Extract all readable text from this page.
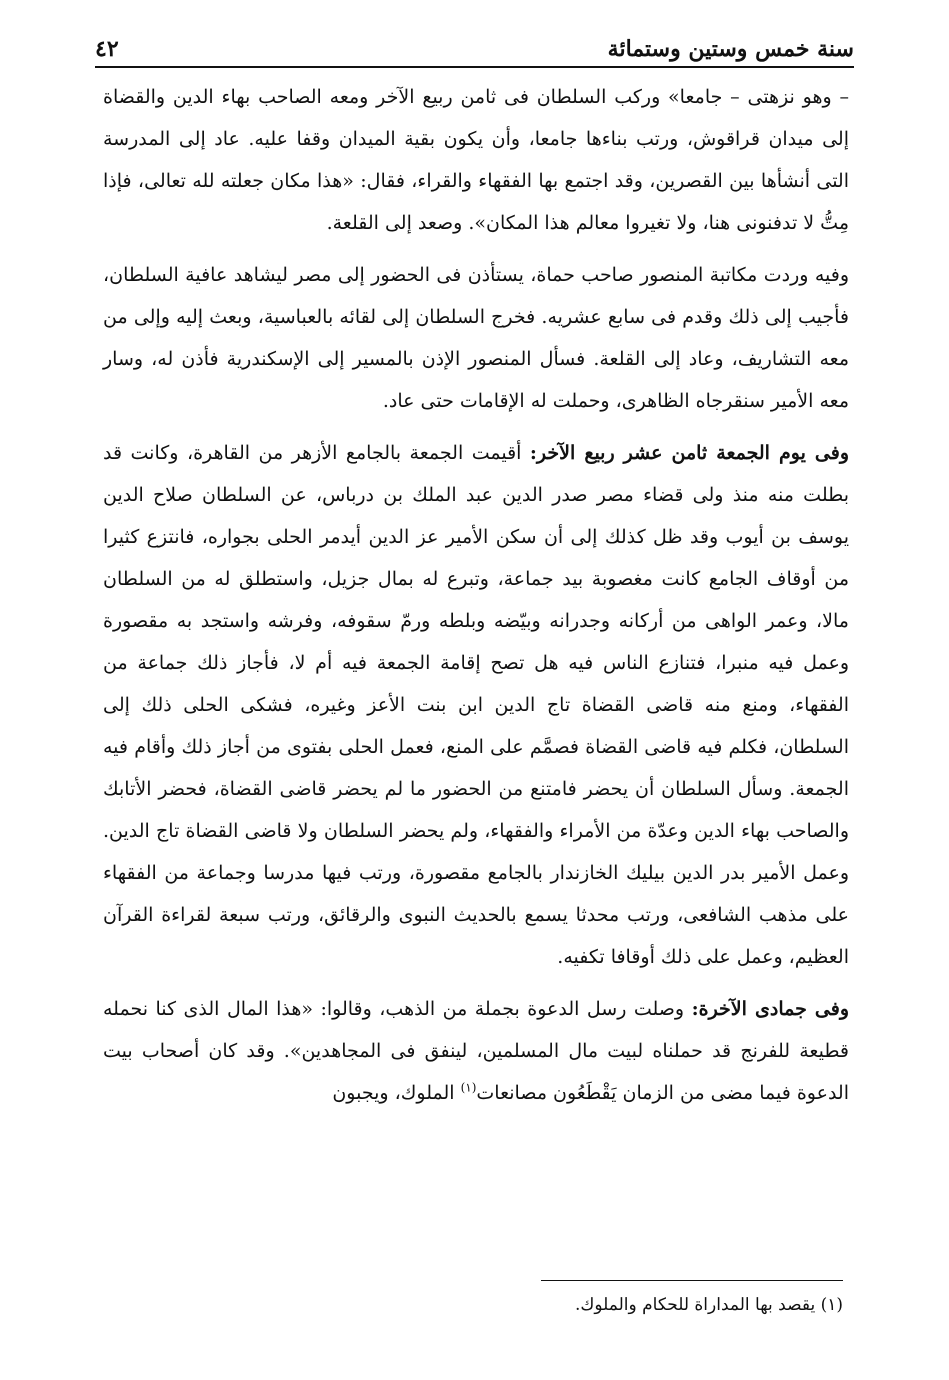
سنة خمس وستين وستمائة
٤٢

– وهو نزهتى – جامعا» وركب السلطان فى ثامن ربيع الآخر ومعه الصاحب بهاء الدين والقضاة إلى ميدان قراقوش، ورتب بناءها جامعا، وأن يكون بقية الميدان وقفا عليه. عاد إلى المدرسة التى أنشأها بين القصرين، وقد اجتمع بها الفقهاء والقراء، فقال: «هذا مكان جعلته لله تعالى، فإذا مِتُّ لا تدفنونى هنا، ولا تغيروا معالم هذا المكان». وصعد إلى القلعة.

وفيه وردت مكاتبة المنصور صاحب حماة، يستأذن فى الحضور إلى مصر ليشاهد عافية السلطان، فأجيب إلى ذلك وقدم فى سابع عشريه. فخرج السلطان إلى لقائه بالعباسية، وبعث إليه وإلى من معه التشاريف، وعاد إلى القلعة. فسأل المنصور الإذن بالمسير إلى الإسكندرية فأذن له، وسار معه الأمير سنقرجاه الظاهرى، وحملت له الإقامات حتى عاد.

وفى يوم الجمعة ثامن عشر ربيع الآخر: أقيمت الجمعة بالجامع الأزهر من القاهرة، وكانت قد بطلت منه منذ ولى قضاء مصر صدر الدين عبد الملك بن درباس، عن السلطان صلاح الدين يوسف بن أيوب وقد ظل كذلك إلى أن سكن الأمير عز الدين أيدمر الحلى بجواره، فانتزع كثيرا من أوقاف الجامع كانت مغصوبة بيد جماعة، وتبرع له بمال جزيل، واستطلق له من السلطان مالا، وعمر الواهى من أركانه وجدرانه وبيّضه وبلطه ورمّ سقوفه، وفرشه واستجد به مقصورة وعمل فيه منبرا، فتنازع الناس فيه هل تصح إقامة الجمعة فيه أم لا، فأجاز ذلك جماعة من الفقهاء، ومنع منه قاضى القضاة تاج الدين ابن بنت الأعز وغيره، فشكى الحلى ذلك إلى السلطان، فكلم فيه قاضى القضاة فصمَّم على المنع، فعمل الحلى بفتوى من أجاز ذلك وأقام فيه الجمعة. وسأل السلطان أن يحضر فامتنع من الحضور ما لم يحضر قاضى القضاة، فحضر الأتابك والصاحب بهاء الدين وعدّة من الأمراء والفقهاء، ولم يحضر السلطان ولا قاضى القضاة تاج الدين. وعمل الأمير بدر الدين بيليك الخازندار بالجامع مقصورة، ورتب فيها مدرسا وجماعة من الفقهاء على مذهب الشافعى، ورتب محدثا يسمع بالحديث النبوى والرقائق، ورتب سبعة لقراءة القرآن العظيم، وعمل على ذلك أوقافا تكفيه.

وفى جمادى الآخرة: وصلت رسل الدعوة بجملة من الذهب، وقالوا: «هذا المال الذى كنا نحمله قطيعة للفرنج قد حملناه لبيت مال المسلمين، لينفق فى المجاهدين». وقد كان أصحاب بيت الدعوة فيما مضى من الزمان يَقْطَعُون مصانعات$^{(١)}$ الملوك، ويجبون

(١) يقصد بها المداراة للحكام والملوك.
